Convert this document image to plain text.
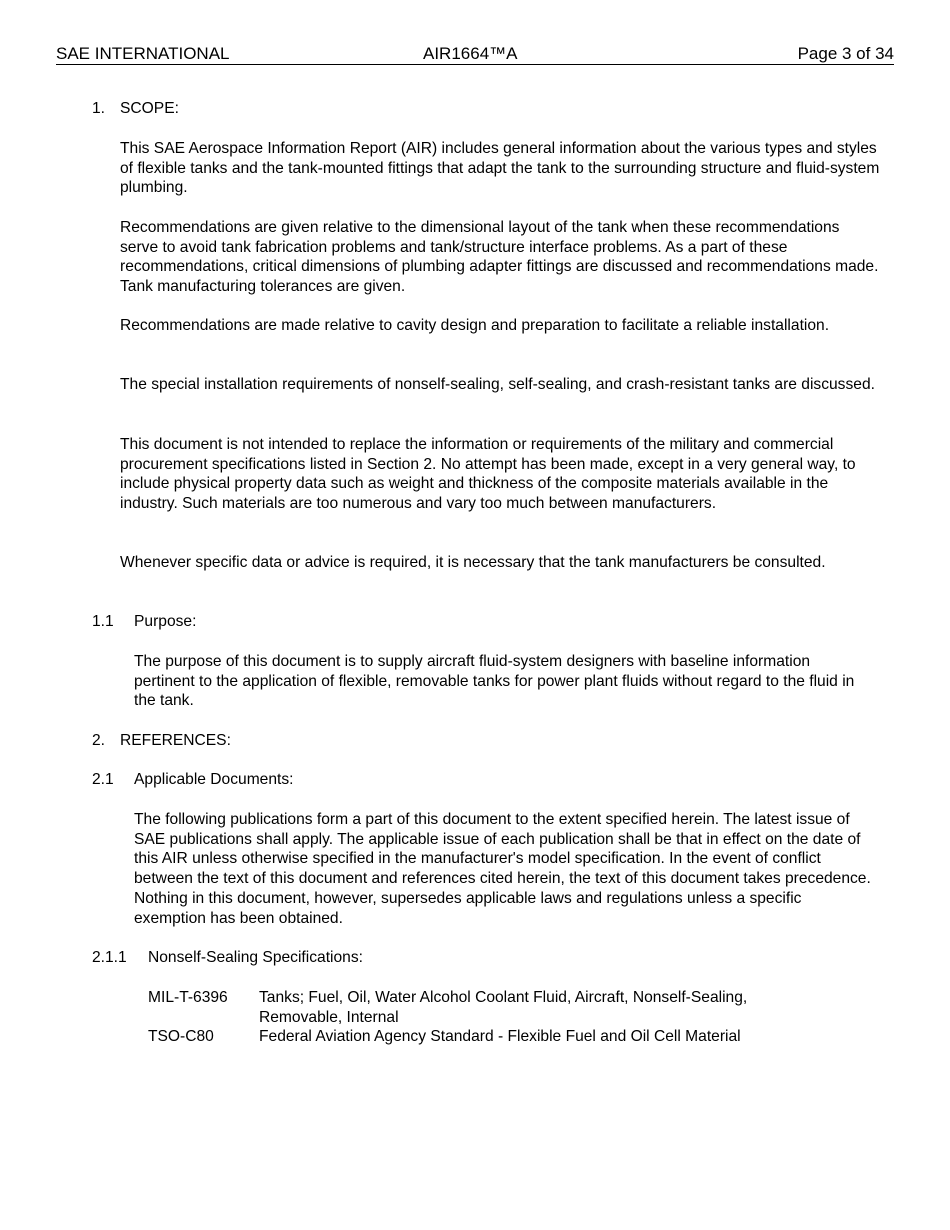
SAE INTERNATIONAL	AIR1664™A	Page 3 of 34
1. SCOPE:

This SAE Aerospace Information Report (AIR) includes general information about the various types and styles of flexible tanks and the tank-mounted fittings that adapt the tank to the surrounding structure and fluid-system plumbing.

Recommendations are given relative to the dimensional layout of the tank when these recommendations serve to avoid tank fabrication problems and tank/structure interface problems. As a part of these recommendations, critical dimensions of plumbing adapter fittings are discussed and recommendations made. Tank manufacturing tolerances are given.

Recommendations are made relative to cavity design and preparation to facilitate a reliable installation.

The special installation requirements of nonself-sealing, self-sealing, and crash-resistant tanks are discussed.

This document is not intended to replace the information or requirements of the military and commercial procurement specifications listed in Section 2. No attempt has been made, except in a very general way, to include physical property data such as weight and thickness of the composite materials available in the industry. Such materials are too numerous and vary too much between manufacturers.

Whenever specific data or advice is required, it is necessary that the tank manufacturers be consulted.

1.1 Purpose:

The purpose of this document is to supply aircraft fluid-system designers with baseline information pertinent to the application of flexible, removable tanks for power plant fluids without regard to the fluid in the tank.

2. REFERENCES:
2.1 Applicable Documents:

The following publications form a part of this document to the extent specified herein. The latest issue of SAE publications shall apply. The applicable issue of each publication shall be that in effect on the date of this AIR unless otherwise specified in the manufacturer's model specification. In the event of conflict between the text of this document and references cited herein, the text of this document takes precedence. Nothing in this document, however, supersedes applicable laws and regulations unless a specific exemption has been obtained.

2.1.1 Nonself-Sealing Specifications:
MIL-T-6396 Tanks; Fuel, Oil, Water Alcohol Coolant Fluid, Aircraft, Nonself-Sealing, Removable, Internal
TSO-C80	Federal Aviation Agency Standard - Flexible Fuel and Oil Cell Material
